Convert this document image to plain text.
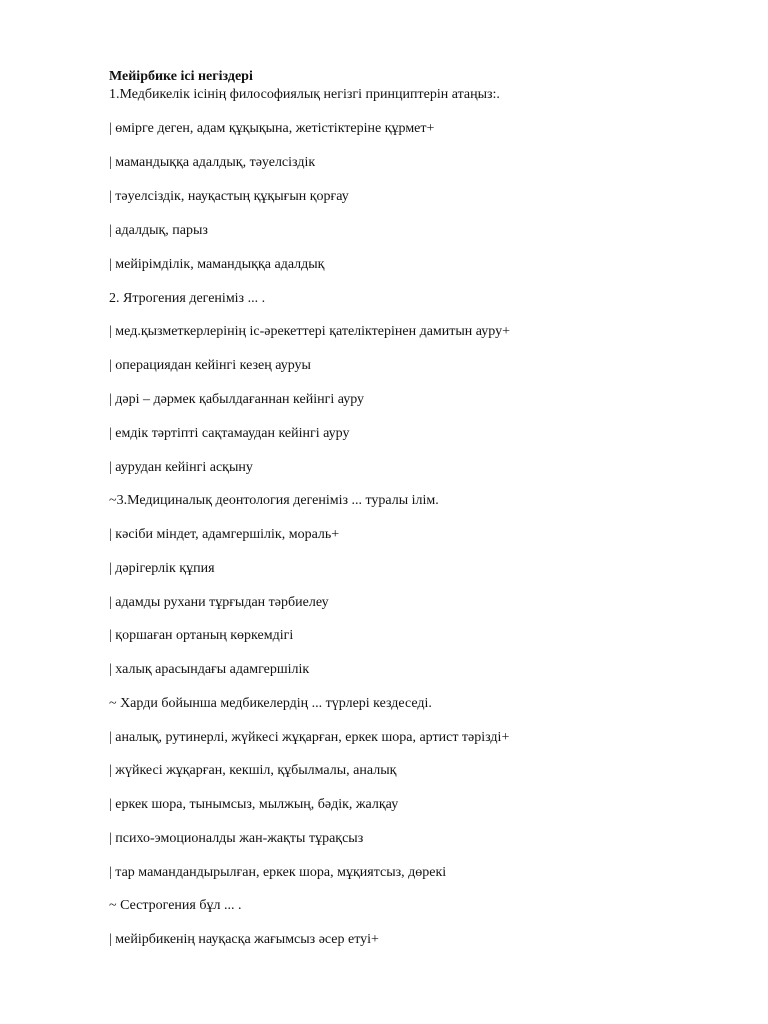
Мейірбике ісі негіздері
1.Медбикелік ісінің философиялық негізгі принциптерін атаңыз:.
| өмірге деген, адам құқықына, жетістіктеріне құрмет+
| мамандыққа адалдық, тәуелсіздік
| тәуелсіздік, науқастың құқығын қорғау
| адалдық, парыз
| мейірімділік, мамандыққа адалдық
2. Ятрогения дегеніміз ... .
| мед.қызметкерлерінің іс-әрекеттері қателіктерінен дамитын ауру+
| операциядан кейінгі кезең ауруы
| дәрі – дәрмек қабылдағаннан кейінгі ауру
| емдік тәртіпті сақтамаудан кейінгі ауру
| аурудан кейінгі асқыну
~3.Медициналық деонтология дегеніміз ... туралы ілім.
| кәсіби міндет, адамгершілік, мораль+
| дәрігерлік құпия
| адамды рухани тұрғыдан тәрбиелеу
| қоршаған ортаның көркемдігі
| халық арасындағы адамгершілік
~ Харди бойынша медбикелердің ... түрлері кездеседі.
| аналық, рутинерлі, жүйкесі жұқарған, еркек шора, артист тәрізді+
| жүйкесі жұқарған, кекшіл, құбылмалы, аналық
| еркек шора, тынымсыз, мылжың, бәдік, жалқау
| психо-эмоционалды жан-жақты тұрақсыз
| тар мамандандырылған, еркек шора, мұқиятсыз, дөрекі
~ Сестрогения бұл ... .
| мейірбикенің науқасқа жағымсыз әсер етуі+
